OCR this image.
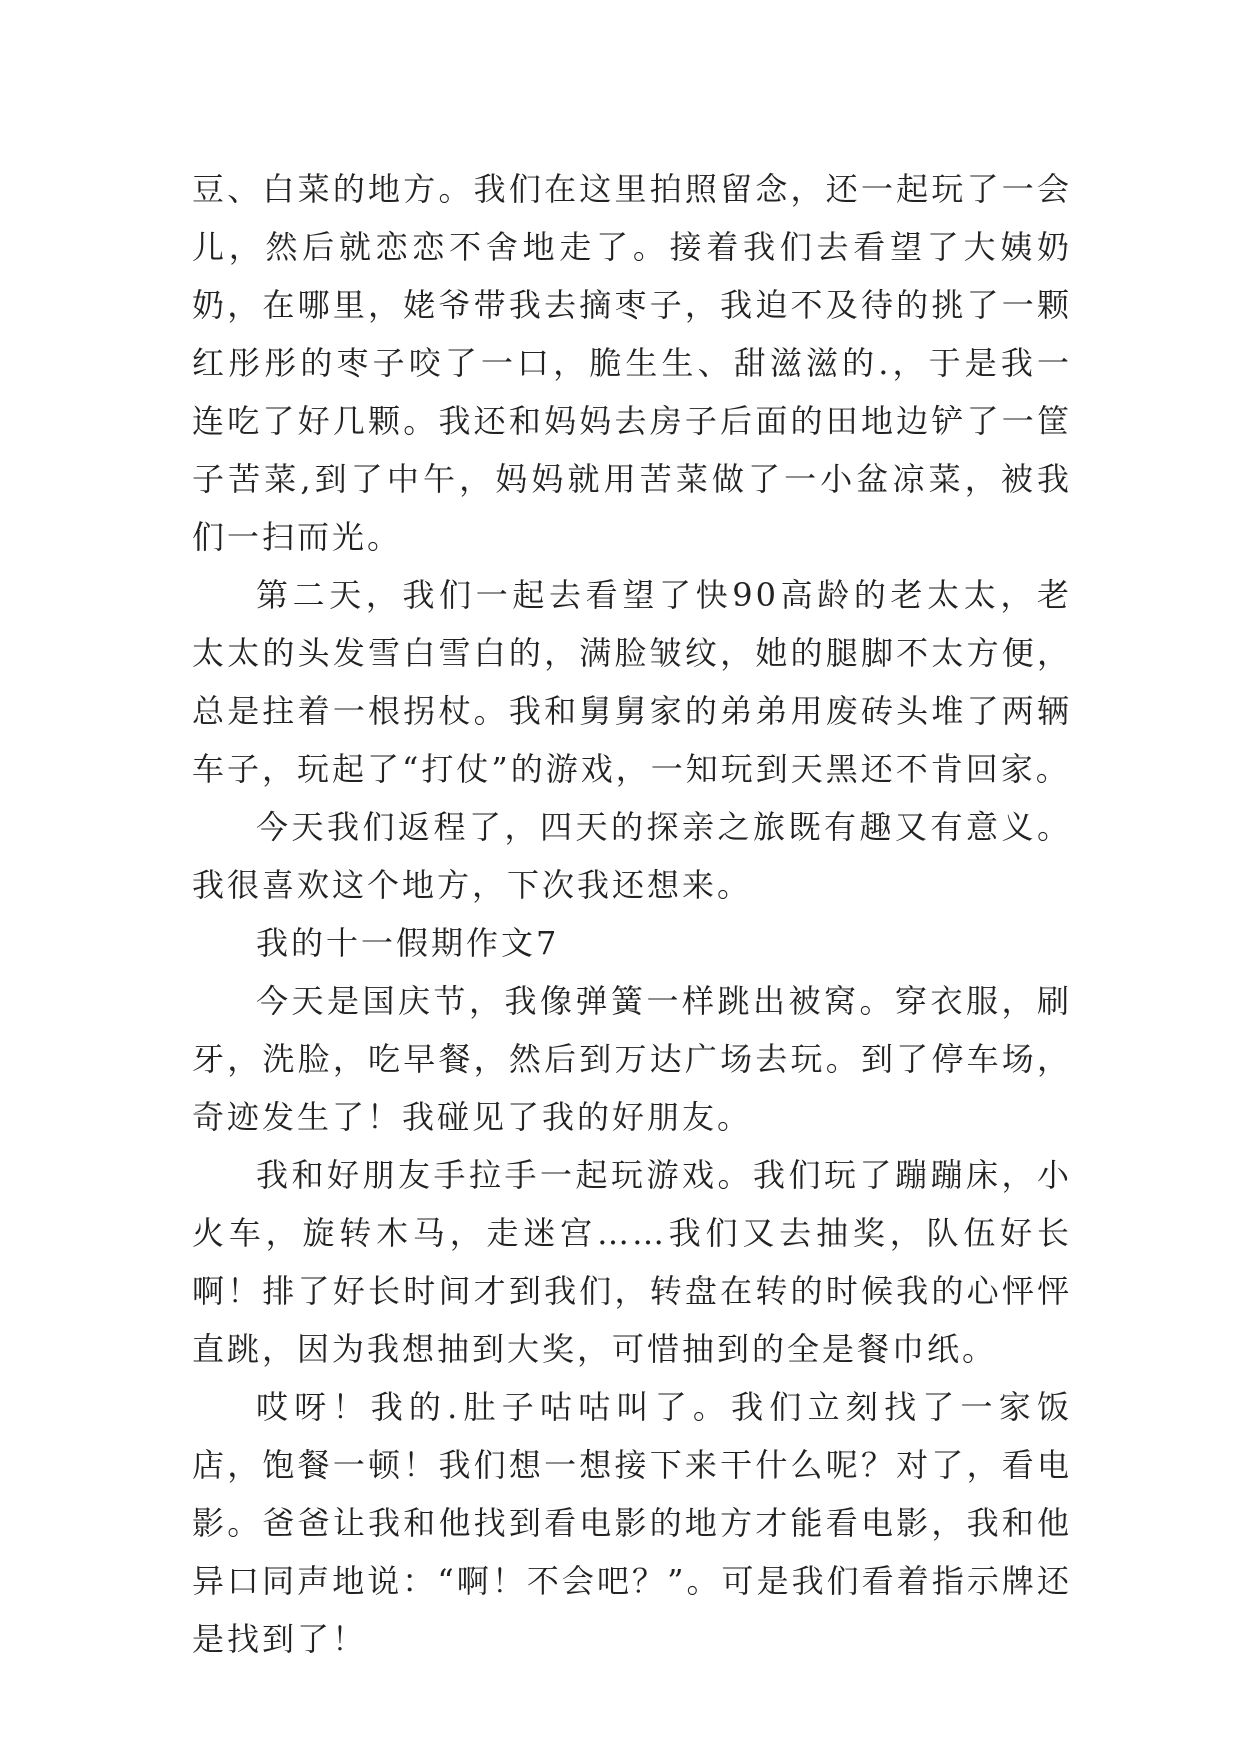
豆、白菜的地方。我们在这里拍照留念，还一起玩了一会儿，然后就恋恋不舍地走了。接着我们去看望了大姨奶奶，在哪里，姥爷带我去摘枣子，我迫不及待的挑了一颗红彤彤的枣子咬了一口，脆生生、甜滋滋的.，于是我一连吃了好几颗。我还和妈妈去房子后面的田地边铲了一筐子苦菜,到了中午，妈妈就用苦菜做了一小盆凉菜，被我们一扫而光。

第二天，我们一起去看望了快90高龄的老太太，老太太的头发雪白雪白的，满脸皱纹，她的腿脚不太方便，总是拄着一根拐杖。我和舅舅家的弟弟用废砖头堆了两辆车子，玩起了“打仗”的游戏，一知玩到天黑还不肯回家。

今天我们返程了，四天的探亲之旅既有趣又有意义。我很喜欢这个地方，下次我还想来。

我的十一假期作文7

今天是国庆节，我像弹簧一样跳出被窝。穿衣服，刷牙，洗脸，吃早餐，然后到万达广场去玩。到了停车场，奇迹发生了！我碰见了我的好朋友。

我和好朋友手拉手一起玩游戏。我们玩了蹦蹦床，小火车，旋转木马，走迷宫……我们又去抽奖，队伍好长啊！排了好长时间才到我们，转盘在转的时候我的心怦怦直跳，因为我想抽到大奖，可惜抽到的全是餐巾纸。

哎呀！我的.肚子咕咕叫了。我们立刻找了一家饭店，饱餐一顿！我们想一想接下来干什么呢？对了，看电影。爸爸让我和他找到看电影的地方才能看电影，我和他异口同声地说：“啊！不会吧？”。可是我们看着指示牌还是找到了！
